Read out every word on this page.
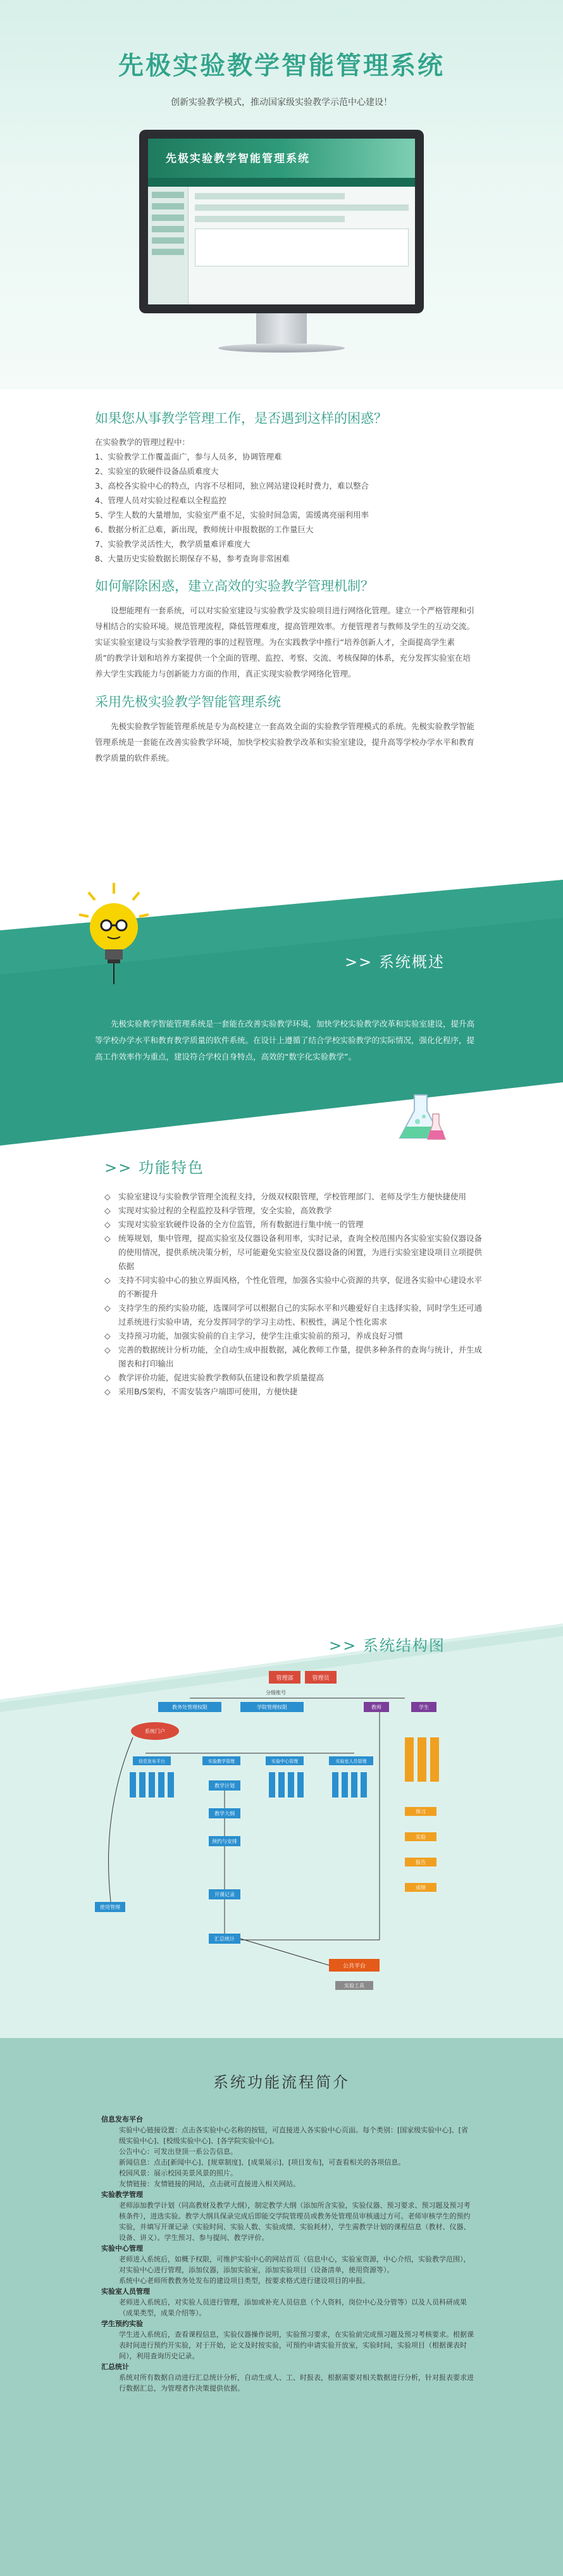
先极实验教学智能管理系统
创新实验教学模式，推动国家级实验教学示范中心建设！
先极实验教学智能管理系统
如果您从事教学管理工作，是否遇到这样的困惑？
在实验教学的管理过程中：
1、实验教学工作覆盖面广，参与人员多，协调管理难
2、实验室的软硬件设备品质难度大
3、高校各实验中心的特点，内容不尽相同，独立网站建设耗时费力，难以整合
4、管理人员对实验过程难以全程监控
5、学生人数的大量增加，实验室严重不足，实验时间急需，需缓离亮丽利用率
6、数据分析汇总难，新出现，教师统计申报数据的工作量巨大
7、实验教学灵活性大，教学质量难评难度大
8、大量历史实验数据长期保存不易，参考查询非常困难
如何解除困惑，建立高效的实验教学管理机制？

设想能理有一套系统，可以对实验室建设与实验教学及实验项目进行网络化管理。建立一个严格管理和引导相结合的实验环境。规范管理流程，降低管理难度，提高管理效率。方便管理者与教师及学生的互动交流。实证实验室建设与实验教学管理的事的过程管理。为在实践教学中推行“培养创新人才，全面提高学生素质”的教学计划和培养方案提供一个全面的管理、监控、考察、交流、考核保障的体系，充分发挥实验室在培养大学生实践能力与创新能力方面的作用，真正实现实验教学网络化管理。

采用先极实验教学智能管理系统

先极实验教学智能管理系统是专为高校建立一套高效全面的实验教学管理模式的系统。先极实验教学智能管理系统是一套能在改善实验教学环境，加快学校实验教学改革和实验室建设，提升高等学校办学水平和教育教学质量的软件系统。

>> 系统概述

先极实验教学智能管理系统是一套能在改善实验教学环境，加快学校实验教学改革和实验室建设，提升高等学校办学水平和教育教学质量的软件系统。在设计上遵循了结合学校实验教学的实际情况，强化化程序，提高工作效率作为重点，建设符合学校自身特点，高效的“数字化实验教学”。

>> 功能特色
◇ 实验室建设与实验教学管理全流程支持，分级双权限管理，学校管理部门、老师及学生方便快捷使用
◇ 实现对实验过程的全程监控及科学管理，安全实验，高效教学
◇ 实现对实验室软硬件设备的全方位监管，所有数据进行集中统一的管理
◇ 统筹规划，集中管理，提高实验室及仪器设备利用率，实时记录，查询全校范围内各实验室实验仪器设备的使用情况，提供系统决策分析，尽可能避免实验室及仪器设备的闲置，为进行实验室建设项目立项提供依据
◇ 支持不同实验中心的独立界面风格，个性化管理，加强各实验中心资源的共享，促进各实验中心建设水平的不断提升
◇ 支持学生的预约实验功能，选课同学可以根据自己的实际水平和兴趣爱好自主选择实验，同时学生还可通过系统进行实验申请，充分发挥同学的学习主动性、积极性，满足个性化需求
◇ 支持预习功能，加强实验前的自主学习，使学生注重实验前的预习，养成良好习惯
◇ 完善的数据统计分析功能，全自动生成申报数据，减化教师工作量，提供多种条件的查询与统计，并生成图表和打印输出
◇ 教学评价功能，促进实验教学教师队伍建设和教学质量提高
◇ 采用B/S架构，不需安装客户端即可使用，方便快捷
管理部	管理员
分级账号
教务处管理权限	学院管理权限	教师	学生
系统门户
使用管理
信息发布平台	实验教学管理	实验中心管理	实验室人员管理
教学计划
教学大纲
预约与安排
开课记录
汇总统计
预习
实验
报告
成绩
公共平台
实验工具
>> 系统结构图
系统功能流程简介
信息发布平台
实验中心链接设置：点击各实验中心名称的按钮，可直接进入各实验中心页面。每个类别：[国家级实验中心]、[省级实验中心]、[校级实验中心]、[各学院实验中心]。
公告中心：可发出登顶一系公告信息。
新闻信息：点击[新闻中心]、[规章制度]、[成果展示]、[项目发布]，可查看相关的各项信息。
校园风景：展示校园美景风景的照片。
友情链接：友情链接的网站，点击就可直接进入相关网站。
实验教学管理
老师添加教学计划（同高教财及教学大纲），制定教学大纲（添加所含实验，实验仪器、预习要求、预习题及预习考核条件），进选实验。教学大纲具保录完成后即能交学院管理员或教务处管理员审核通过方可。老师审核学生的预约实验，并填写开课记录（实验时间、实验人数、实验成绩、实验耗材），学生需教学计划的课程信息（教材、仪器、设备、讲义）。学生预习、参与提问、教学评价。
实验中心管理
老师进入系统后，如概予权限，可维护实验中心的网站首页（信息中心，实验室资源，中心介绍，实验教学范围），对实验中心进行管理，添加仪器，添加实验室，添加实验项目（设备清单，使用资源等）。
系统中心老师所教教务处发布的建设项目类型，按要求格式进行建设项目的申报。
实验室人员管理
老师进入系统后，对实验人员进行管理，添加或补充人员信息（个人资料，岗位中心及分管等）以及人员科研成果（成果类型，成果介绍等）。
学生预约实验
学生进入系统后，查看课程信息，实验仪器操作说明，实验预习要求，在实验前完成预习题及预习考核要求。根据课表时间进行预约开实验，对于开始，论文及时按实验，可预约申请实验开放室，实验时间，实验项目（根据课表时间），利用查询历史记录。
汇总统计
系统对所有数据自动进行汇总统计分析，自动生成人、工、时报表，根据需要对相关数据进行分析，针对报表要求进行数据汇总，为管理者作决策提供依据。
